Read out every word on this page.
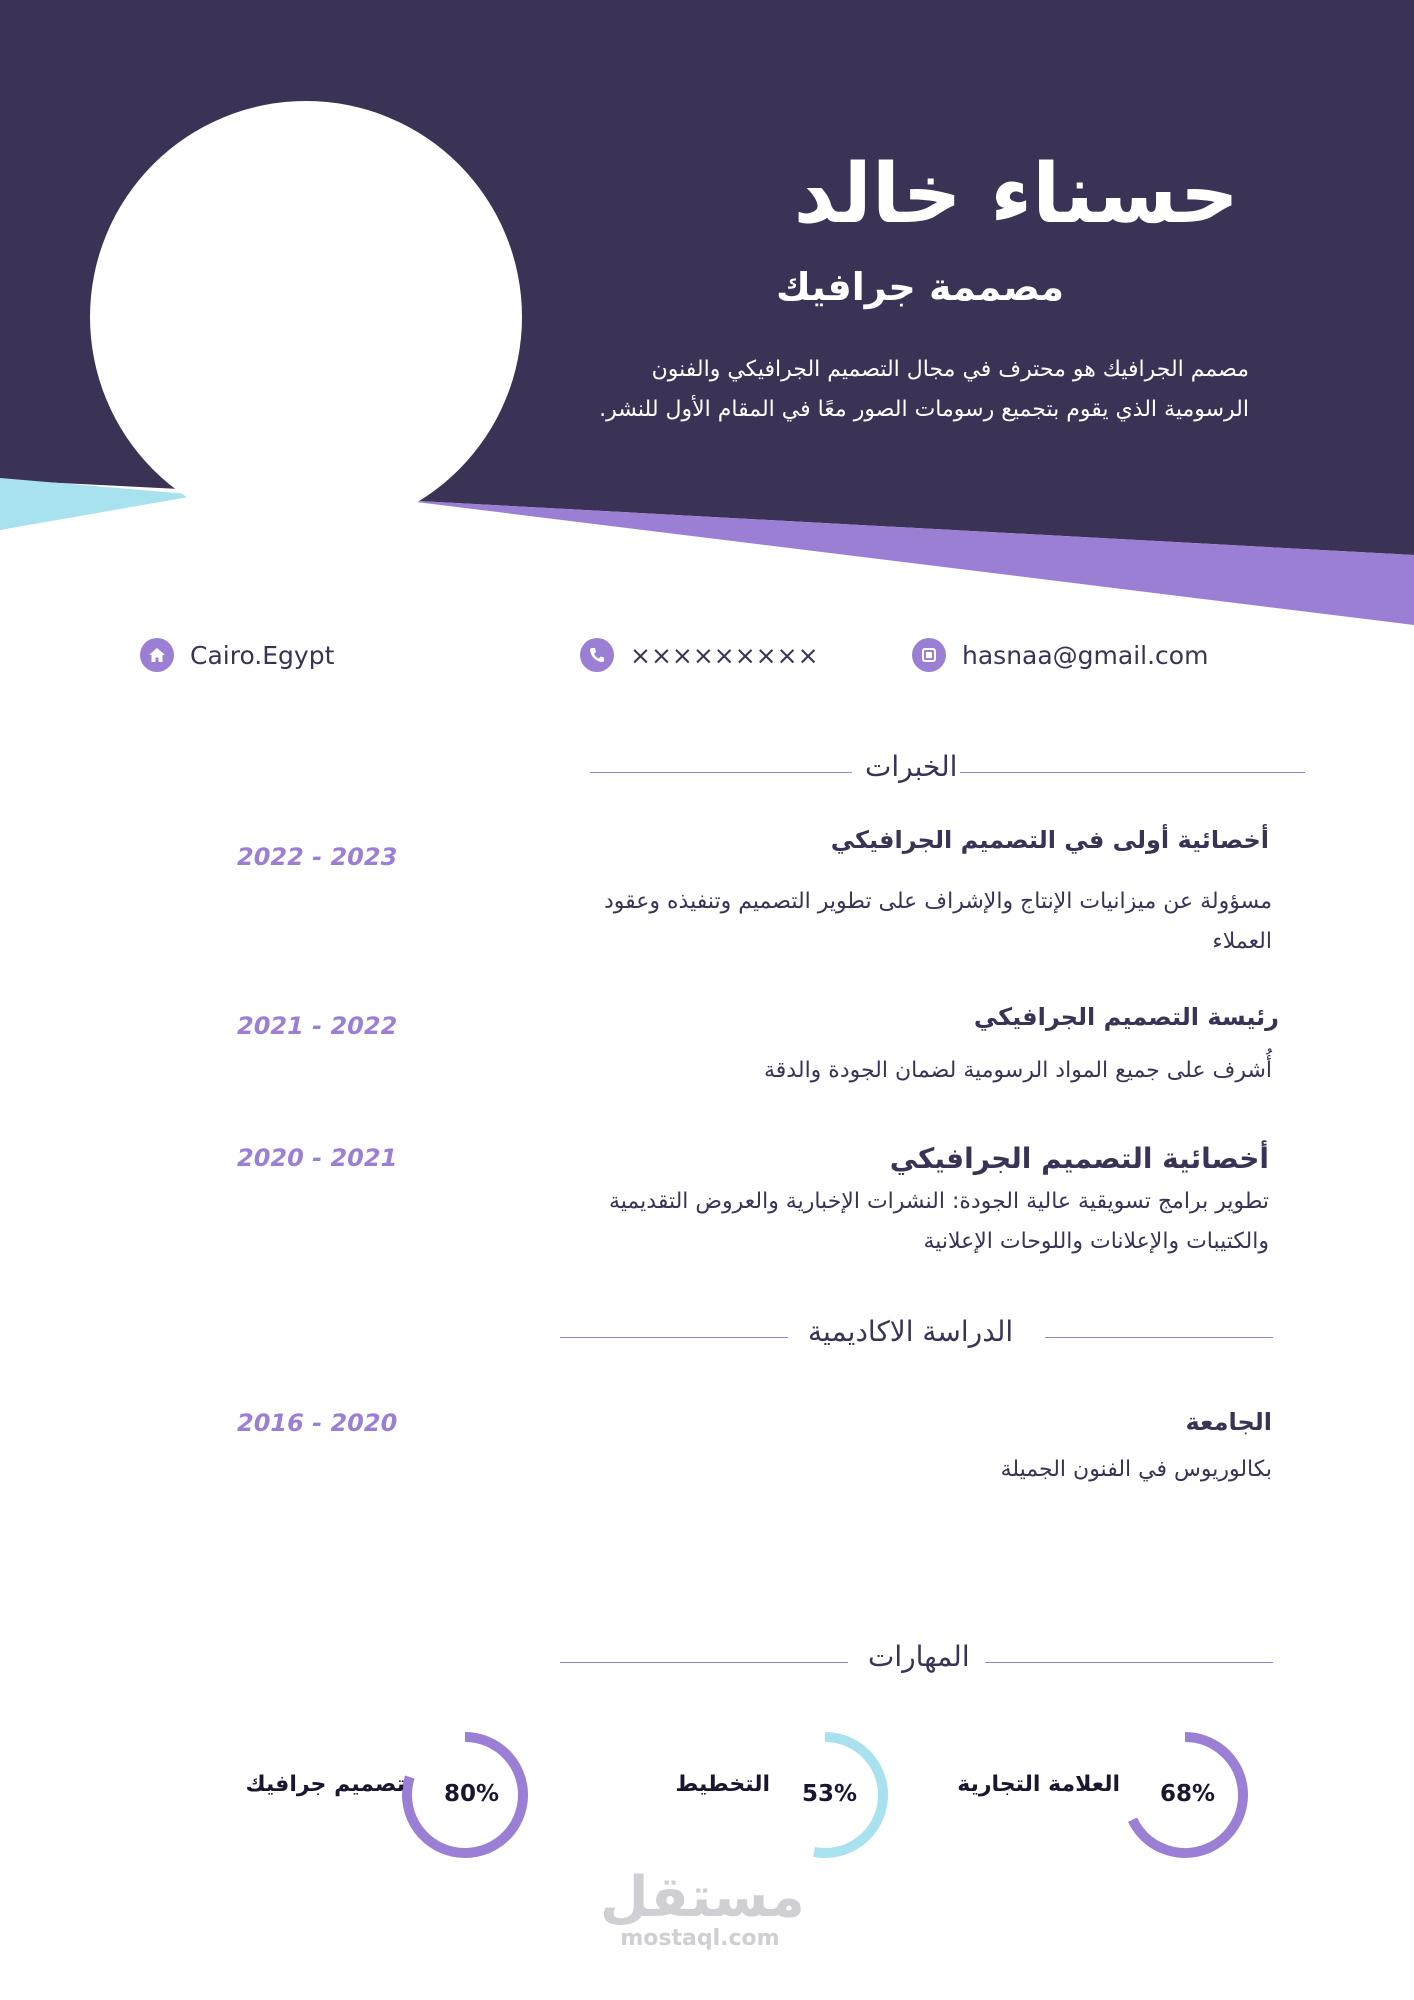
حسناء خالد
مصممة جرافيك
مصمم الجرافيك هو محترف في مجال التصميم الجرافيكي والفنون
الرسومية الذي يقوم بتجميع رسومات الصور معًا في المقام الأول للنشر.
Cairo.Egypt	×××××××××	hasnaa@gmail.com
الخبرات
أخصائية أولى في التصميم الجرافيكي
مسؤولة عن ميزانيات الإنتاج والإشراف على تطوير التصميم وتنفيذه وعقود
العملاء
2022 - 2023
رئيسة التصميم الجرافيكي
أُشرف على جميع المواد الرسومية لضمان الجودة والدقة
2021 - 2022
أخصائية التصميم الجرافيكي
تطوير برامج تسويقية عالية الجودة: النشرات الإخبارية والعروض التقديمية
والكتيبات والإعلانات واللوحات الإعلانية
2020 - 2021
الدراسة الاكاديمية
الجامعة
بكالوريوس في الفنون الجميلة
2016 - 2020
المهارات
68%
العلامة التجارية
53%
التخطيط
80%
تصميم جرافيك
مستقل
mostaql.com
